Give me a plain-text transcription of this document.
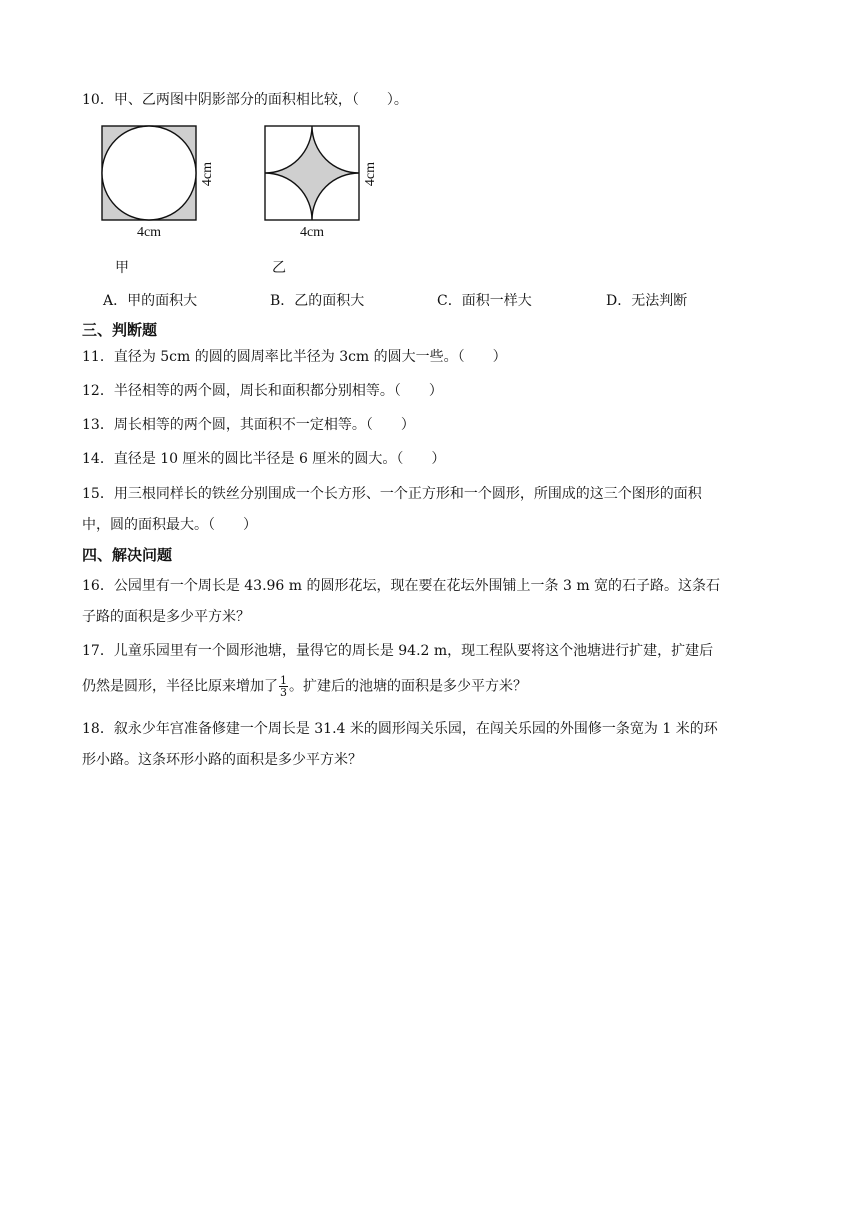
10．甲、乙两图中阴影部分的面积相比较，（　　）。
4cm
4cm
甲
4cm
4cm
乙
A．甲的面积大	B．乙的面积大	C．面积一样大	D．无法判断
三、判断题
11．直径为 5cm 的圆的圆周率比半径为 3cm 的圆大一些。（　　）
12．半径相等的两个圆，周长和面积都分别相等。（　　）
13．周长相等的两个圆，其面积不一定相等。（　　）
14．直径是 10 厘米的圆比半径是 6 厘米的圆大。（　　）
15．用三根同样长的铁丝分别围成一个长方形、一个正方形和一个圆形，所围成的这三个图形的面积
中，圆的面积最大。（　　）
四、解决问题
16．公园里有一个周长是 43.96 m 的圆形花坛，现在要在花坛外围铺上一条 3 m 宽的石子路。这条石
子路的面积是多少平方米？
17．儿童乐园里有一个圆形池塘，量得它的周长是 94.2 m，现工程队要将这个池塘进行扩建，扩建后
仍然是圆形，半径比原来增加了 $\frac{1}{3}$ 。扩建后的池塘的面积是多少平方米？
18．叙永少年宫准备修建一个周长是 31.4 米的圆形闯关乐园，在闯关乐园的外围修一条宽为 1 米的环
形小路。这条环形小路的面积是多少平方米？
